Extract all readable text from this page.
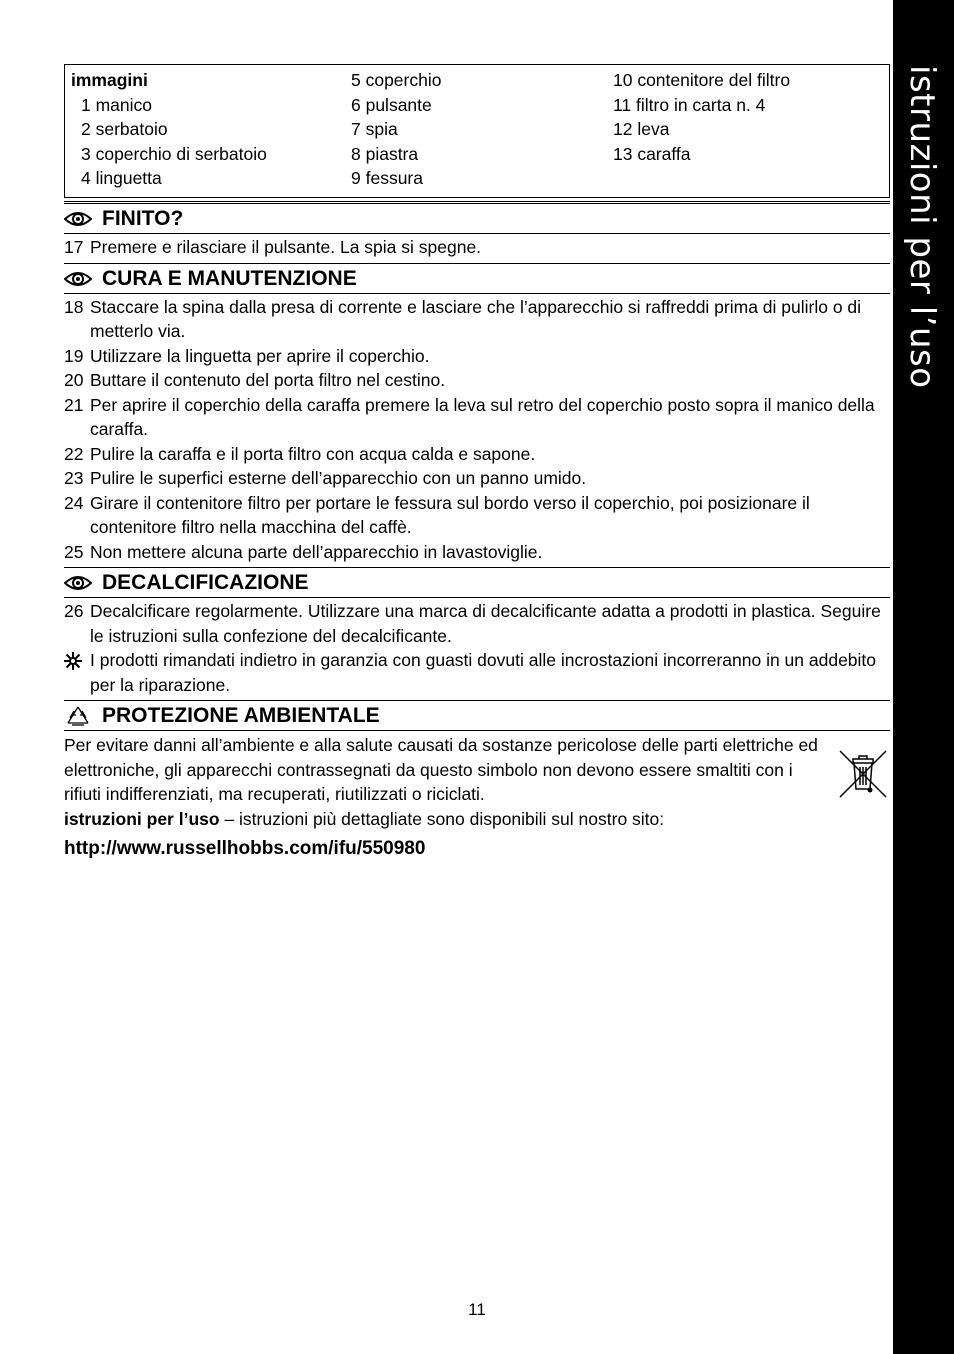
istruzioni per l’uso
immagini
1 manico
2 serbatoio
3 coperchio di serbatoio
4 linguetta
5 coperchio
6 pulsante
7 spia
8 piastra
9 fessura
10 contenitore del filtro
11 filtro in carta n. 4
12 leva
13 caraffa
FINITO?
17 Premere e rilasciare il pulsante. La spia si spegne.
CURA E MANUTENZIONE
18 Staccare la spina dalla presa di corrente e lasciare che l’apparecchio si raffreddi prima di pulirlo o di metterlo via.
19 Utilizzare la linguetta per aprire il coperchio.
20 Buttare il contenuto del porta filtro nel cestino.
21 Per aprire il coperchio della caraffa premere la leva sul retro del coperchio posto sopra il manico della caraffa.
22 Pulire la caraffa e il porta filtro con acqua calda e sapone.
23 Pulire le superfici esterne dell’apparecchio con un panno umido.
24 Girare il contenitore filtro per portare le fessura sul bordo verso il coperchio, poi posizionare il contenitore filtro nella macchina del caffè.
25 Non mettere alcuna parte dell’apparecchio in lavastoviglie.
DECALCIFICAZIONE
26 Decalcificare regolarmente. Utilizzare una marca di decalcificante adatta a prodotti in plastica. Seguire le istruzioni sulla confezione del decalcificante.
I prodotti rimandati indietro in garanzia con guasti dovuti alle incrostazioni incorreranno in un addebito per la riparazione.
PROTEZIONE AMBIENTALE
Per evitare danni all’ambiente e alla salute causati da sostanze pericolose delle parti elettriche ed elettroniche, gli apparecchi contrassegnati da questo simbolo non devono essere smaltiti con i rifiuti indifferenziati, ma recuperati, riutilizzati o riciclati.
istruzioni per l’uso – istruzioni più dettagliate sono disponibili sul nostro sito:
http://www.russellhobbs.com/ifu/550980
11
